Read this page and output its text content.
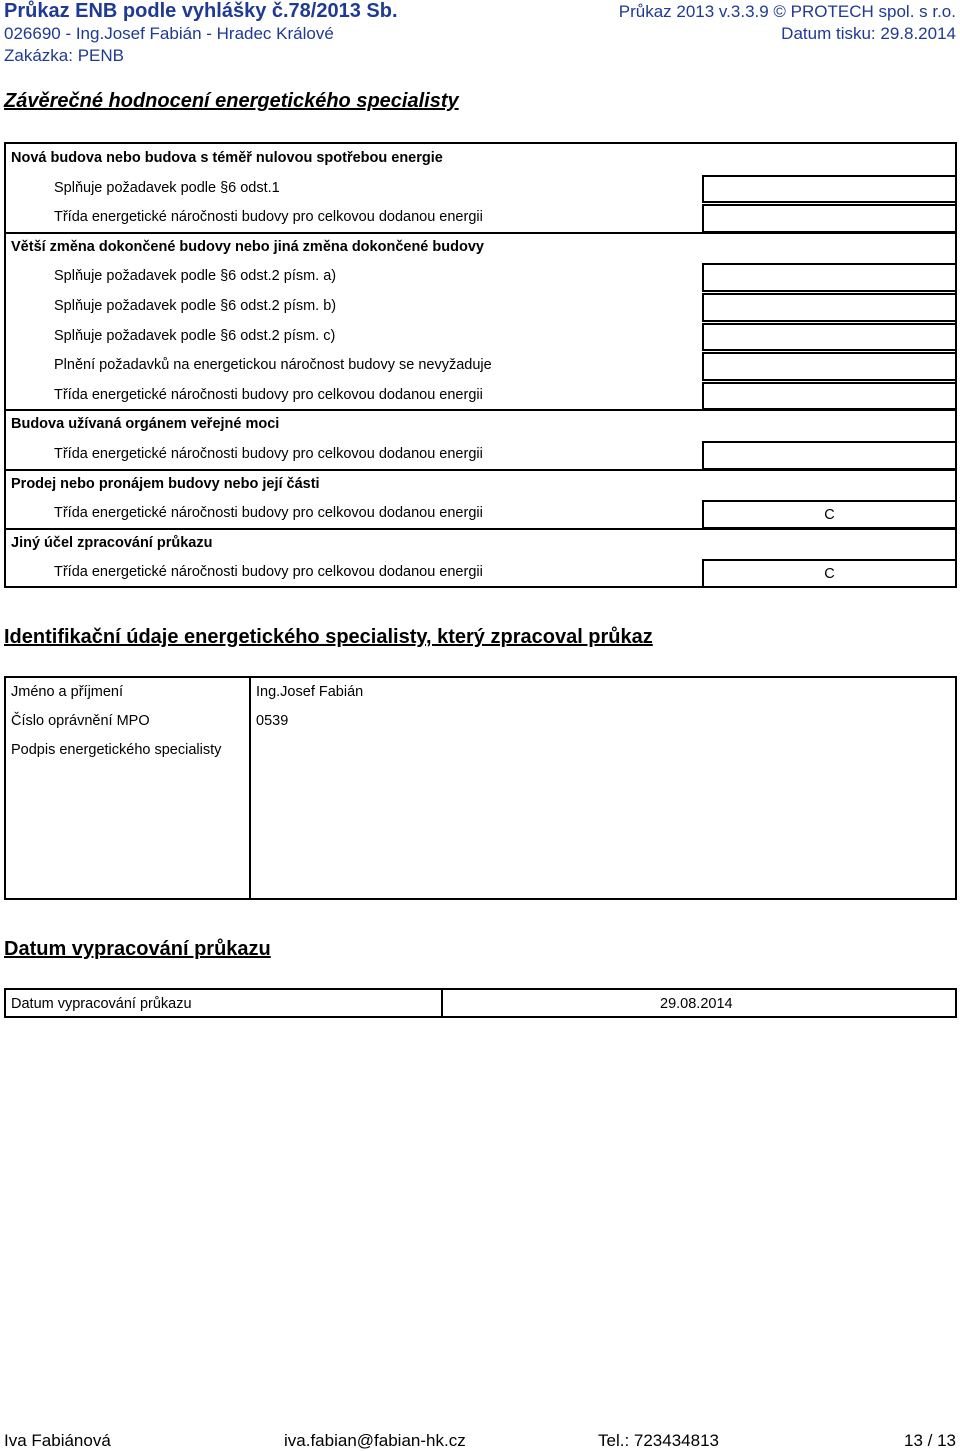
Průkaz ENB podle vyhlášky č.78/2013 Sb.
026690 - Ing.Josef Fabián - Hradec Králové
Zakázka: PENB
Průkaz 2013 v.3.3.9 © PROTECH spol. s r.o.
Datum tisku: 29.8.2014
Závěrečné hodnocení energetického specialisty
Nová budova nebo budova s téměř nulovou spotřebou energie
Splňuje požadavek podle §6 odst.1
Třída energetické náročnosti budovy pro celkovou dodanou energii
Větší změna dokončené budovy nebo jiná změna dokončené budovy
Splňuje požadavek podle §6 odst.2 písm. a)
Splňuje požadavek podle §6 odst.2 písm. b)
Splňuje požadavek podle §6 odst.2 písm. c)
Plnění požadavků na energetickou náročnost budovy se nevyžaduje
Třída energetické náročnosti budovy pro celkovou dodanou energii
Budova užívaná orgánem veřejné moci
Třída energetické náročnosti budovy pro celkovou dodanou energii
Prodej nebo pronájem budovy nebo její části
Třída energetické náročnosti budovy pro celkovou dodanou energii	C
Jiný účel zpracování průkazu
Třída energetické náročnosti budovy pro celkovou dodanou energii	C
Identifikační údaje energetického specialisty, který zpracoval průkaz
Jméno a příjmení	Ing.Josef Fabián
Číslo oprávnění MPO	0539
Podpis energetického specialisty
Datum vypracování průkazu
Datum vypracování průkazu	29.08.2014
Iva Fabiánová	iva.fabian@fabian-hk.cz	Tel.: 723434813	13 / 13
